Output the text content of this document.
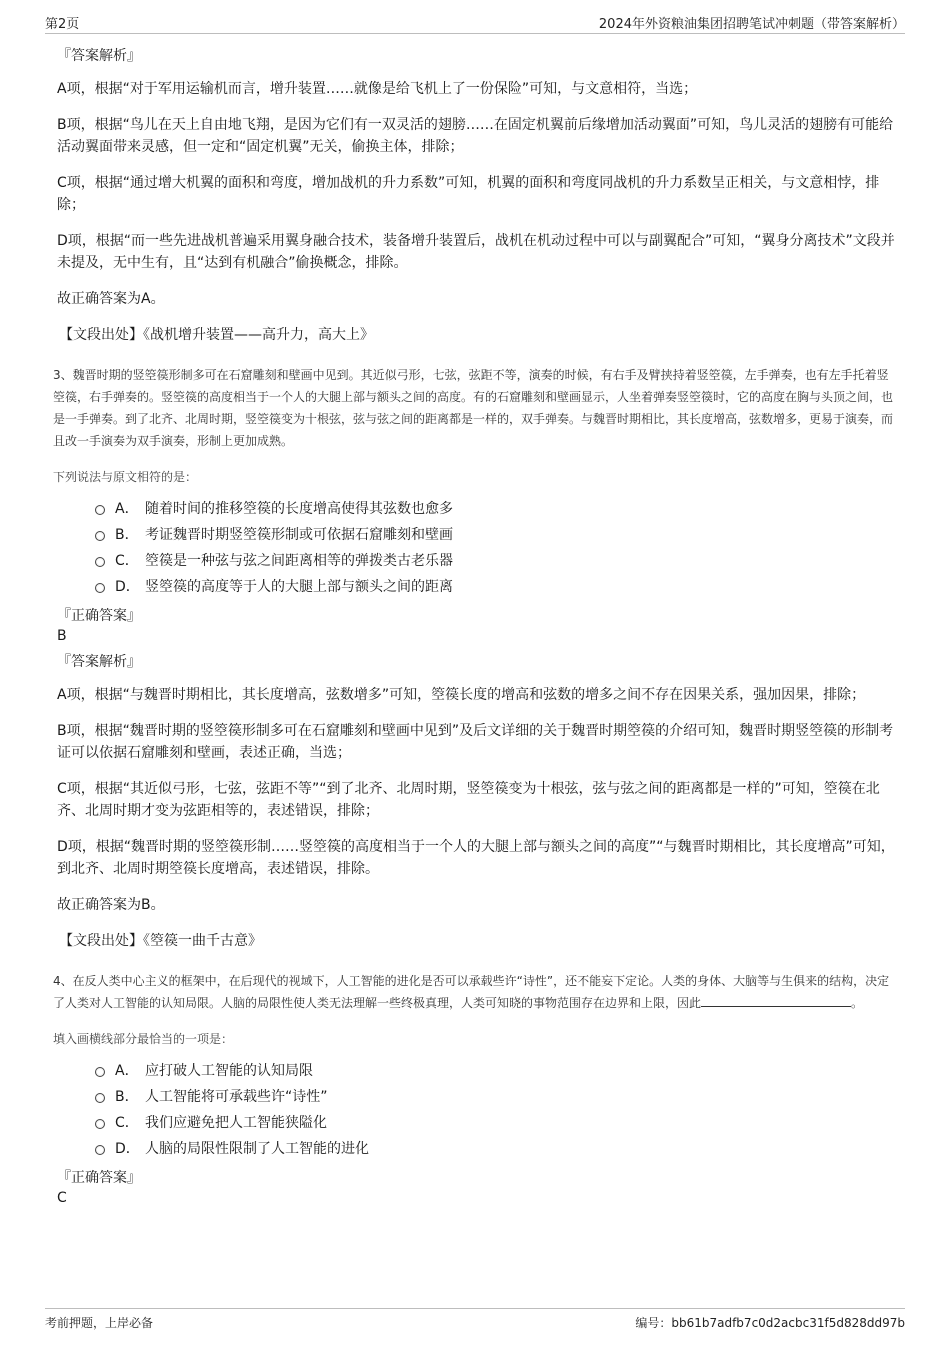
第2页	2024年外资粮油集团招聘笔试冲刺题（带答案解析）
『答案解析』
A项，根据“对于军用运输机而言，增升装置……就像是给飞机上了一份保险”可知，与文意相符，当选；
B项，根据“鸟儿在天上自由地飞翔，是因为它们有一双灵活的翅膀……在固定机翼前后缘增加活动翼面”可知，鸟儿灵活的翅膀有可能给活动翼面带来灵感，但一定和“固定机翼”无关，偷换主体，排除；
C项，根据“通过增大机翼的面积和弯度，增加战机的升力系数”可知，机翼的面积和弯度同战机的升力系数呈正相关，与文意相悖，排除；
D项，根据“而一些先进战机普遍采用翼身融合技术，装备增升装置后，战机在机动过程中可以与副翼配合”可知，“翼身分离技术”文段并未提及，无中生有，且“达到有机融合”偷换概念，排除。
故正确答案为A。
【文段出处】《战机增升装置——高升力，高大上》
3、魏晋时期的竖箜篌形制多可在石窟雕刻和壁画中见到。其近似弓形，七弦，弦距不等，演奏的时候，有右手及臂挟持着竖箜篌，左手弹奏，也有左手托着竖箜篌，右手弹奏的。竖箜篌的高度相当于一个人的大腿上部与额头之间的高度。有的石窟雕刻和壁画显示，人坐着弹奏竖箜篌时，它的高度在胸与头顶之间，也是一手弹奏。到了北齐、北周时期，竖箜篌变为十根弦，弦与弦之间的距离都是一样的，双手弹奏。与魏晋时期相比，其长度增高，弦数增多，更易于演奏，而且改一手演奏为双手演奏，形制上更加成熟。
下列说法与原文相符的是：
A． 随着时间的推移箜篌的长度增高使得其弦数也愈多
B． 考证魏晋时期竖箜篌形制或可依据石窟雕刻和壁画
C． 箜篌是一种弦与弦之间距离相等的弹拨类古老乐器
D． 竖箜篌的高度等于人的大腿上部与额头之间的距离
『正确答案』
B
『答案解析』
A项，根据“与魏晋时期相比，其长度增高，弦数增多”可知，箜篌长度的增高和弦数的增多之间不存在因果关系，强加因果，排除；
B项，根据“魏晋时期的竖箜篌形制多可在石窟雕刻和壁画中见到”及后文详细的关于魏晋时期箜篌的介绍可知，魏晋时期竖箜篌的形制考证可以依据石窟雕刻和壁画，表述正确，当选；
C项，根据“其近似弓形，七弦，弦距不等”“到了北齐、北周时期，竖箜篌变为十根弦，弦与弦之间的距离都是一样的”可知，箜篌在北齐、北周时期才变为弦距相等的，表述错误，排除；
D项，根据“魏晋时期的竖箜篌形制……竖箜篌的高度相当于一个人的大腿上部与额头之间的高度”“与魏晋时期相比，其长度增高”可知，到北齐、北周时期箜篌长度增高，表述错误，排除。
故正确答案为B。
【文段出处】《箜篌一曲千古意》
4、在反人类中心主义的框架中，在后现代的视域下，人工智能的进化是否可以承载些许“诗性”，还不能妄下定论。人类的身体、大脑等与生俱来的结构，决定了人类对人工智能的认知局限。人脑的局限性使人类无法理解一些终极真理，人类可知晓的事物范围存在边界和上限，因此	。
填入画横线部分最恰当的一项是：
A． 应打破人工智能的认知局限
B． 人工智能将可承载些许“诗性”
C． 我们应避免把人工智能狭隘化
D． 人脑的局限性限制了人工智能的进化
『正确答案』
C
考前押题，上岸必备	编号：bb61b7adfb7c0d2acbc31f5d828dd97b
